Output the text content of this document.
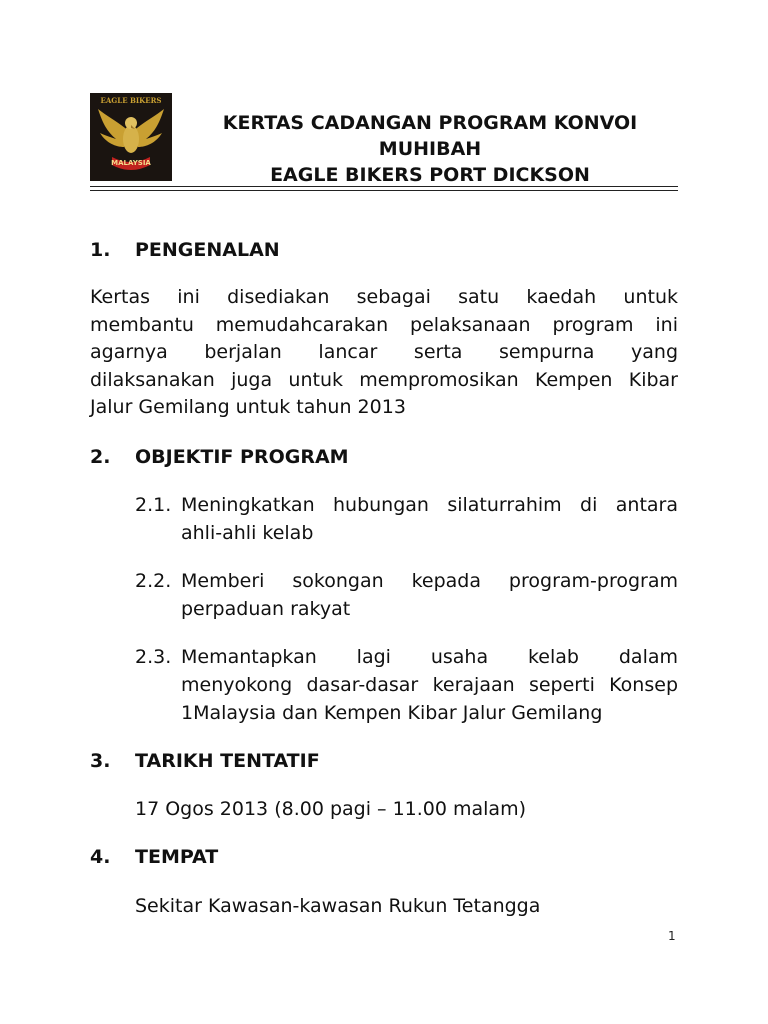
EAGLE BIKERS
MALAYSIA
KERTAS CADANGAN PROGRAM KONVOI
MUHIBAH
EAGLE BIKERS PORT DICKSON
1. PENGENALAN
Kertas ini disediakan sebagai satu kaedah untuk
membantu memudahcarakan pelaksanaan program ini
agarnya berjalan lancar serta sempurna yang
dilaksanakan juga untuk mempromosikan Kempen Kibar
Jalur Gemilang untuk tahun 2013
2. OBJEKTIF PROGRAM
2.1. Meningkatkan hubungan silaturrahim di antara
ahli-ahli kelab
2.2. Memberi sokongan kepada program-program
perpaduan rakyat
2.3. Memantapkan lagi usaha kelab dalam
menyokong dasar-dasar kerajaan seperti Konsep
1Malaysia dan Kempen Kibar Jalur Gemilang
3. TARIKH TENTATIF
17 Ogos 2013 (8.00 pagi – 11.00 malam)
4. TEMPAT
Sekitar Kawasan-kawasan Rukun Tetangga
1
